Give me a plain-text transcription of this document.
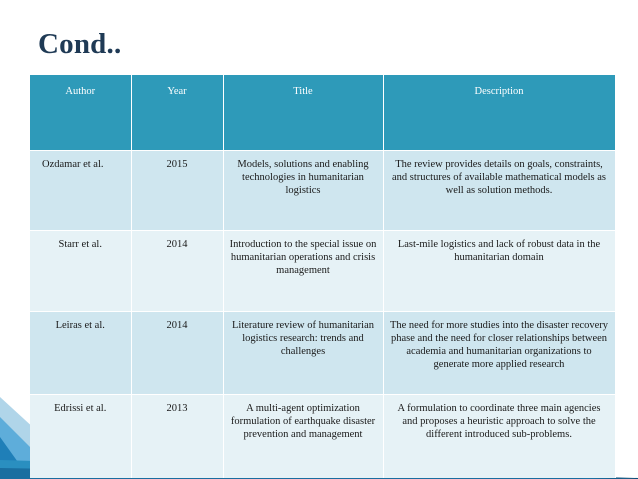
Cond..
Author	Year	Title	Description
Ozdamar et al.	2015	Models, solutions and enabling technologies in humanitarian logistics	The review provides details on goals, constraints, and structures of available mathematical models as well as solution methods.
Starr et al.	2014	Introduction to the special issue on humanitarian operations and crisis management	Last-mile logistics and lack of robust data in the humanitarian domain
Leiras et al.	2014	Literature review of humanitarian logistics research: trends and challenges	The need for more studies into the disaster recovery phase and the need for closer relationships between academia and humanitarian organizations to generate more applied research
Edrissi et al.	2013	A multi-agent optimization formulation of earthquake disaster prevention and management	A formulation to coordinate three main agencies and proposes a heuristic approach to solve the different introduced sub-problems.
